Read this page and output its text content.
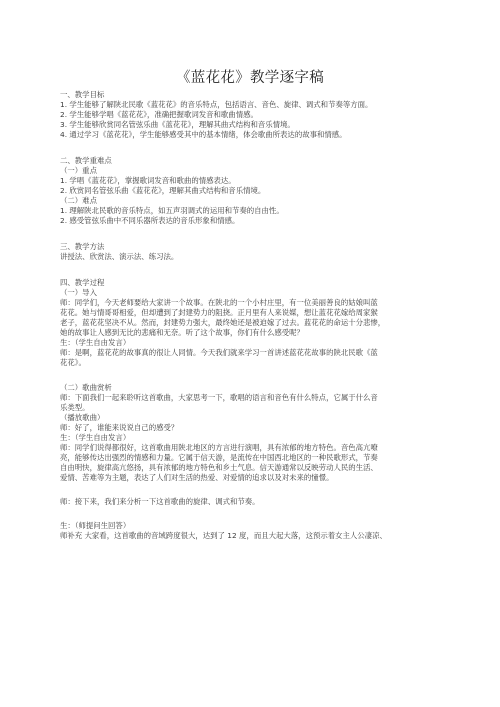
《蓝花花》教学逐字稿
一、教学目标
1. 学生能够了解陕北民歌《蓝花花》的音乐特点，包括语言、音色、旋律、调式和节奏等方面。
2. 学生能够学唱《蓝花花》，准确把握歌词发音和歌曲情感。
3. 学生能够欣赏同名管弦乐曲《蓝花花》，理解其曲式结构和音乐情境。
4. 通过学习《蓝花花》，学生能够感受其中的基本情绪，体会歌曲所表达的故事和情感。
二、教学重难点
（一）重点
1. 学唱《蓝花花》，掌握歌词发音和歌曲的情感表达。
2. 欣赏同名管弦乐曲《蓝花花》，理解其曲式结构和音乐情境。
（二）难点
1. 理解陕北民歌的音乐特点，如五声羽调式的运用和节奏的自由性。
2. 感受管弦乐曲中不同乐器所表达的音乐形象和情感。
三、教学方法
讲授法、欣赏法、演示法、练习法。
四、教学过程
（一）导入
师：同学们，今天老师要给大家讲一个故事。在陕北的一个小村庄里，有一位美丽善良的姑娘叫蓝
花花。她与情哥哥相爱，但却遭到了封建势力的阻挠。正月里有人来说媒，想让蓝花花嫁给周家猴
老子，蓝花花坚决不从。然而，封建势力强大，最终她还是被迫嫁了过去。蓝花花的命运十分悲惨，
她的故事让人感到无比的悲痛和无奈。听了这个故事，你们有什么感受呢？
生：（学生自由发言）
师：是啊，蓝花花的故事真的很让人同情。今天我们就来学习一首讲述蓝花花故事的陕北民歌《蓝
花花》。
（二）歌曲赏析
师：下面我们一起来聆听这首歌曲，大家思考一下，歌唱的语言和音色有什么特点，它属于什么音
乐类型。
（播放歌曲）
师：好了，谁能来说说自己的感受？
生：（学生自由发言）
师：同学们说得都很好，这首歌曲用陕北地区的方言进行演唱，具有浓郁的地方特色。音色高亢嘹
亮，能够传达出强烈的情感和力量。它属于信天游，是流传在中国西北地区的一种民歌形式，节奏
自由明快，旋律高亢悠扬，具有浓郁的地方特色和乡土气息。信天游通常以反映劳动人民的生活、
爱情、苦难等为主题，表达了人们对生活的热爱、对爱情的追求以及对未来的憧憬。
师：接下来，我们来分析一下这首歌曲的旋律、调式和节奏。
生：（师提问生回答）
师补充 大家看，这首歌曲的音域跨度很大，达到了 12 度，而且大起大落，这预示着女主人公凄凉、
